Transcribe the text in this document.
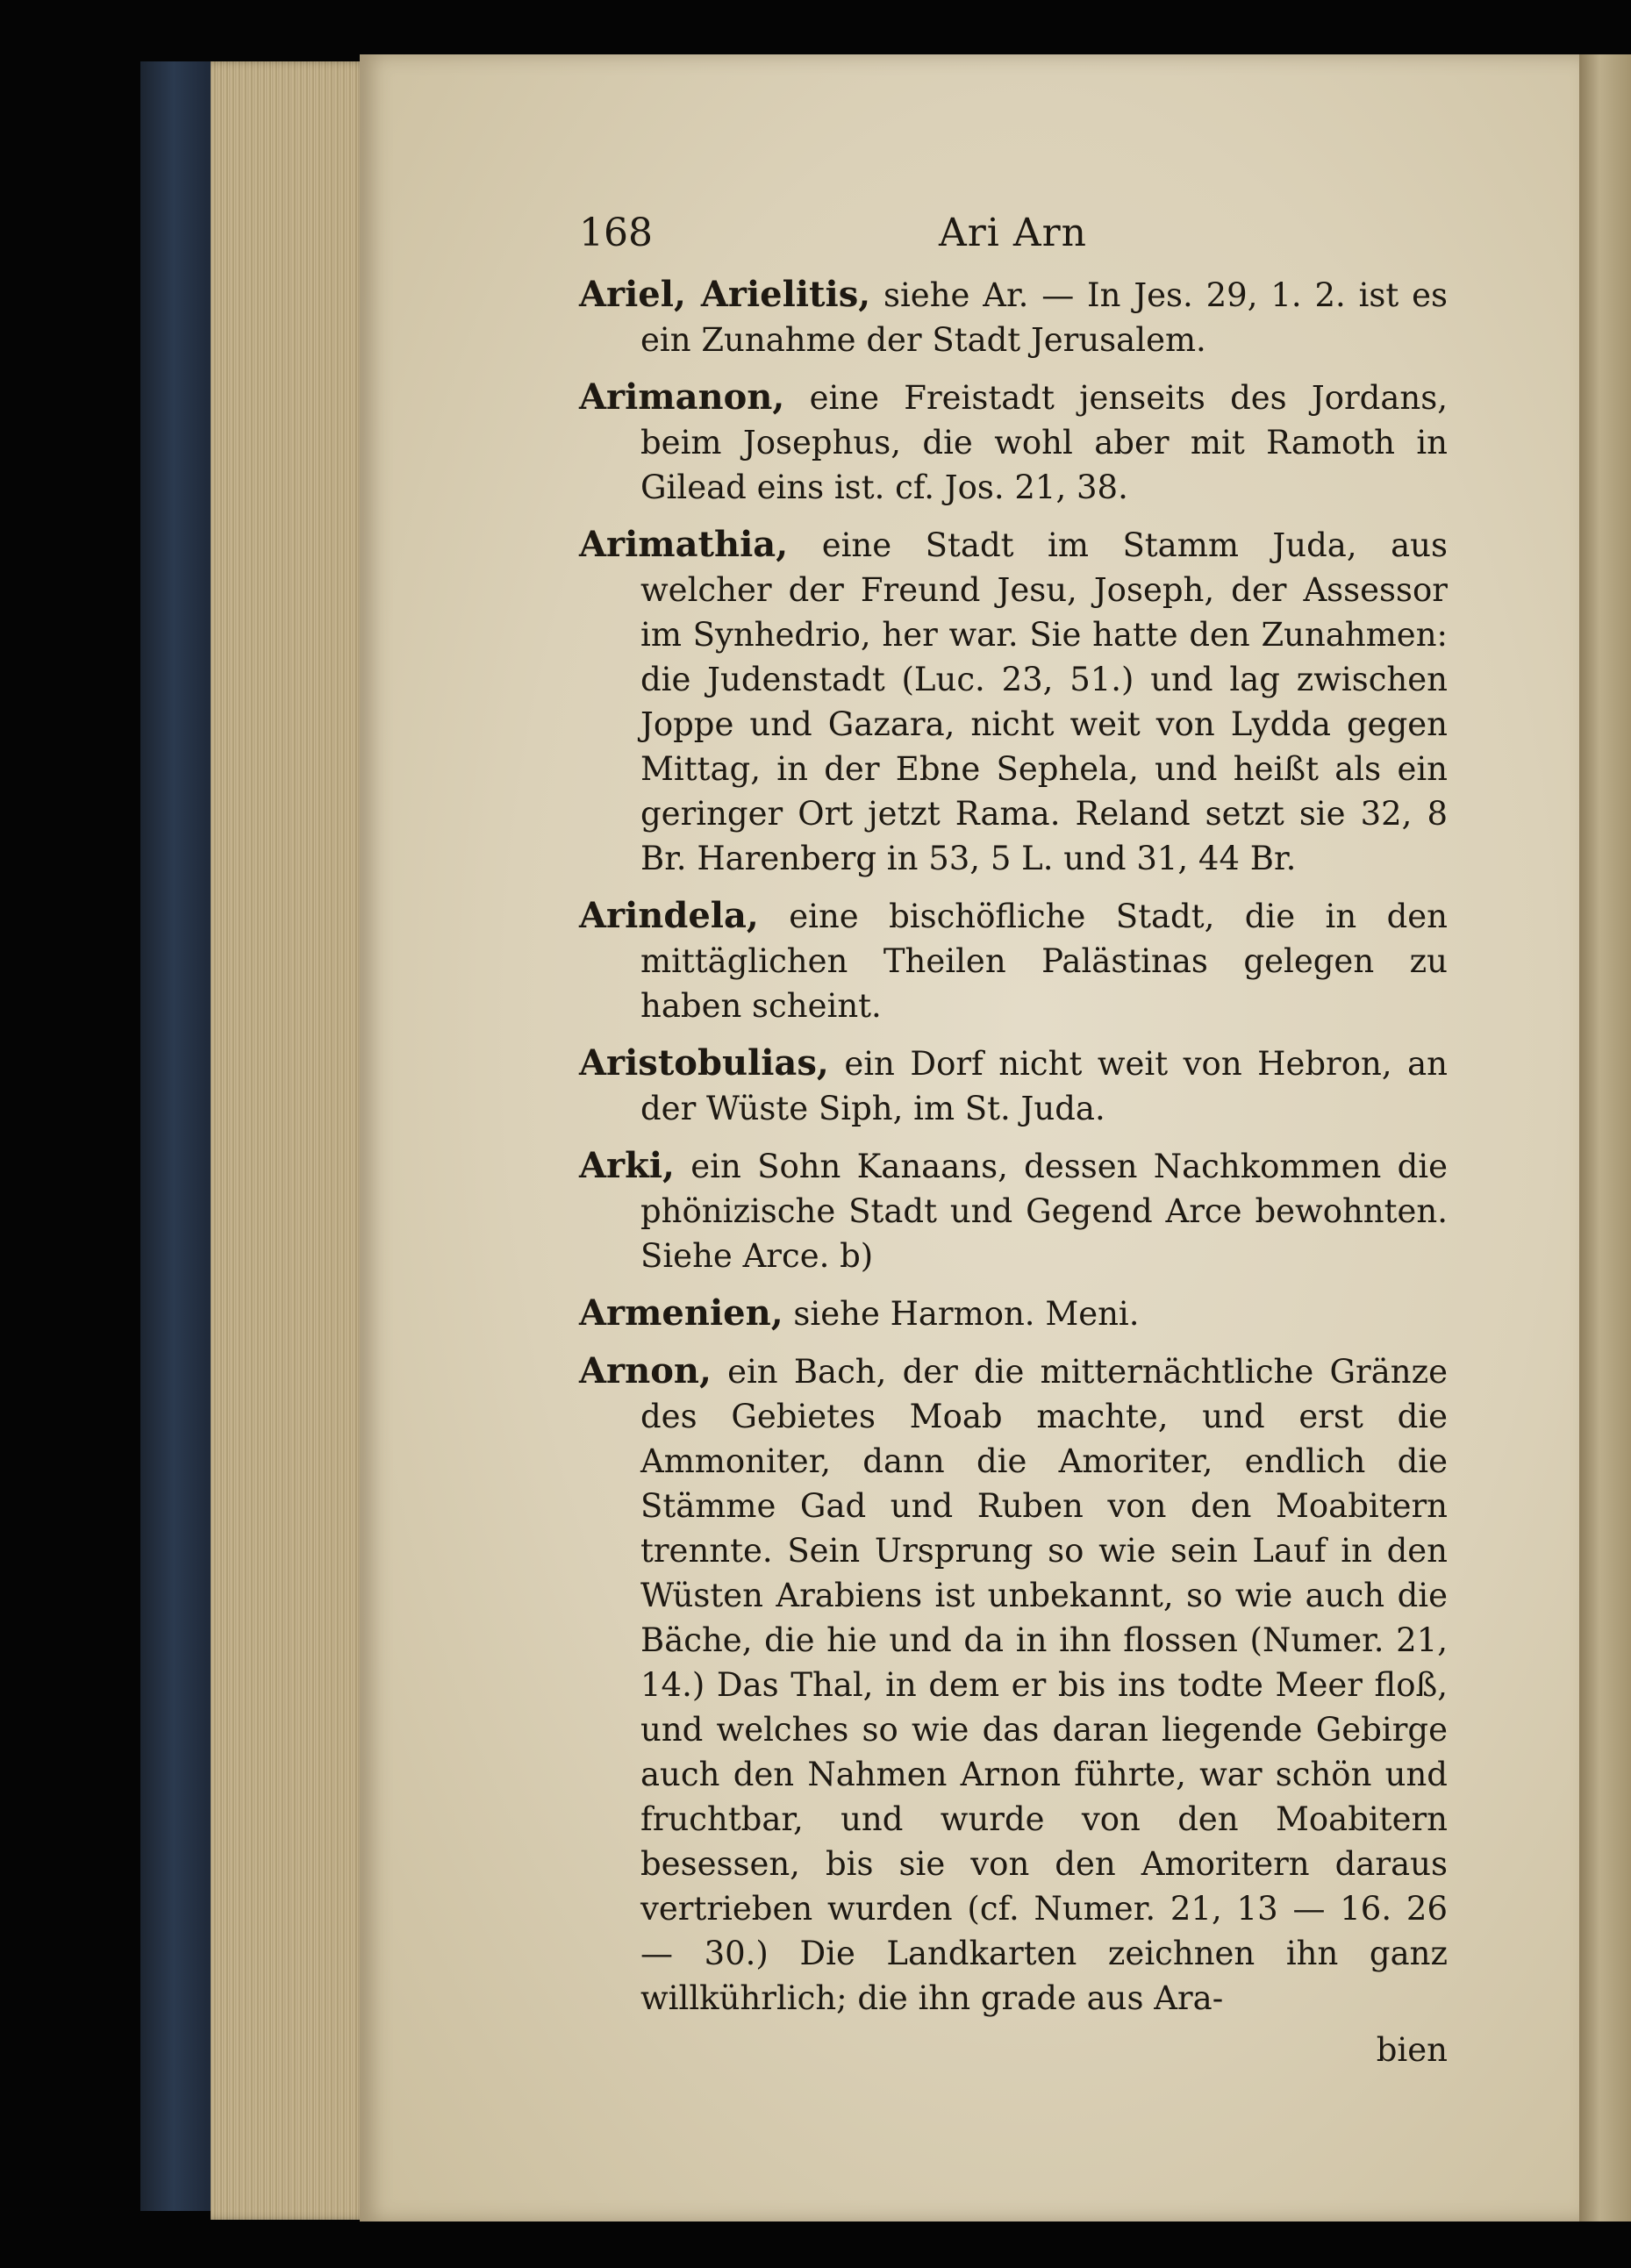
168	Ari Arn
Ariel, Arielitis, siehe Ar. — In Jes. 29, 1. 2. ist es ein Zunahme der Stadt Jerusalem.
Arimanon, eine Freistadt jenseits des Jordans, beim Josephus, die wohl aber mit Ramoth in Gilead eins ist. cf. Jos. 21, 38.
Arimathia, eine Stadt im Stamm Juda, aus welcher der Freund Jesu, Joseph, der Assessor im Synhedrio, her war. Sie hatte den Zunahmen: die Judenstadt (Luc. 23, 51.) und lag zwischen Joppe und Gazara, nicht weit von Lydda gegen Mittag, in der Ebne Sephela, und heißt als ein geringer Ort jetzt Rama. Reland setzt sie 32, 8 Br. Harenberg in 53, 5 L. und 31, 44 Br.
Arindela, eine bischöfliche Stadt, die in den mittäglichen Theilen Palästinas gelegen zu haben scheint.
Aristobulias, ein Dorf nicht weit von Hebron, an der Wüste Siph, im St. Juda.
Arki, ein Sohn Kanaans, dessen Nachkommen die phönizische Stadt und Gegend Arce bewohnten. Siehe Arce. b)
Armenien, siehe Harmon. Meni.
Arnon, ein Bach, der die mitternächtliche Gränze des Gebietes Moab machte, und erst die Ammoniter, dann die Amoriter, endlich die Stämme Gad und Ruben von den Moabitern trennte. Sein Ursprung so wie sein Lauf in den Wüsten Arabiens ist unbekannt, so wie auch die Bäche, die hie und da in ihn flossen (Numer. 21, 14.) Das Thal, in dem er bis ins todte Meer floß, und welches so wie das daran liegende Gebirge auch den Nahmen Arnon führte, war schön und fruchtbar, und wurde von den Moabitern besessen, bis sie von den Amoritern daraus vertrieben wurden (cf. Numer. 21, 13 — 16. 26 — 30.) Die Landkarten zeichnen ihn ganz willkührlich; die ihn grade aus Ara-
bien
